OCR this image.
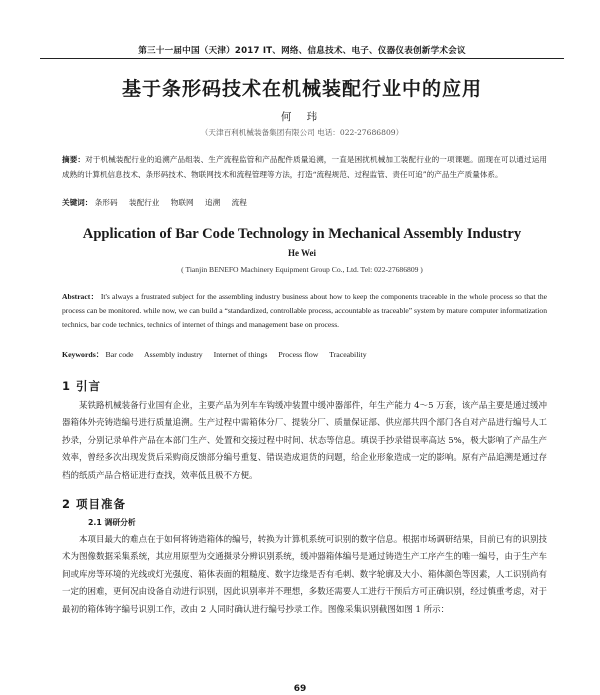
第三十一届中国（天津）2017 IT、网络、信息技术、电子、仪器仪表创新学术会议
基于条形码技术在机械装配行业中的应用
何 玮
（天津百利机械装备集团有限公司 电话：022-27686809）
摘要：对于机械装配行业的追溯产品组装、生产流程监管和产品配件质量追溯，一直是困扰机械加工装配行业的一项课题。面现在可以通过运用成熟的计算机信息技术、条形码技术、物联网技术和流程管理等方法，打造“流程规范、过程监管、责任可追”的产品生产质量体系。
关键词： 条形码 装配行业 物联网 追溯 流程
Application of Bar Code Technology in Mechanical Assembly Industry
He Wei
( Tianjin BENEFO Machinery Equipment Group Co., Ltd. Tel: 022-27686809 )
Abstract： It's always a frustrated subject for the assembling industry business about how to keep the components traceable in the whole process so that the process can be monitored. while now, we can build a “standardized, controllable process, accountable as traceable” system by mature computer informatization technics, bar code technics, technics of internet of things and management base on process.
Keywords： Bar code Assembly industry Internet of things Process flow Traceability
1 引言
某铁路机械装备行业国有企业，主要产品为列车车钩缓冲装置中缓冲器部件，年生产能力 4～5 万套，该产品主要是通过缓冲器箱体外壳铸造编号进行质量追溯。生产过程中需箱体分厂、提装分厂、质量保证部、供应部共四个部门各自对产品进行编号人工抄录，分别记录单件产品在本部门生产、处置和交接过程中时间、状态等信息。填误手抄录错误率高达 5%，极大影响了产品生产效率，曾经多次出现发货后采购商反馈部分编号重复、错误造成退货的问题，给企业形象造成一定的影响。原有产品追溯是通过存档的纸质产品合格证进行查找，效率低且极不方便。
2 项目准备
2.1 调研分析
本项目最大的难点在于如何将铸造箱体的编号，转换为计算机系统可识别的数字信息。根据市场调研结果，目前已有的识别技术为图像数据采集系统，其应用原型为交通摄录分辨识别系统，缓冲器箱体编号是通过铸造生产工序产生的唯一编号，由于生产车间或库房等环境的光线或灯光强度、箱体表面的粗糙度、数字边缘是否有毛刺、数字轮廓及大小、箱体颜色等因素，人工识别尚有一定的困难，更何况由设备自动进行识别，因此识别率并不理想，多数还需要人工进行干预后方可正确识别，经过慎重考虑，对于最初的箱体铸字编号识别工作，改由 2 人同时确认进行编号抄录工作。图像采集识别截图如图 1 所示：
69
